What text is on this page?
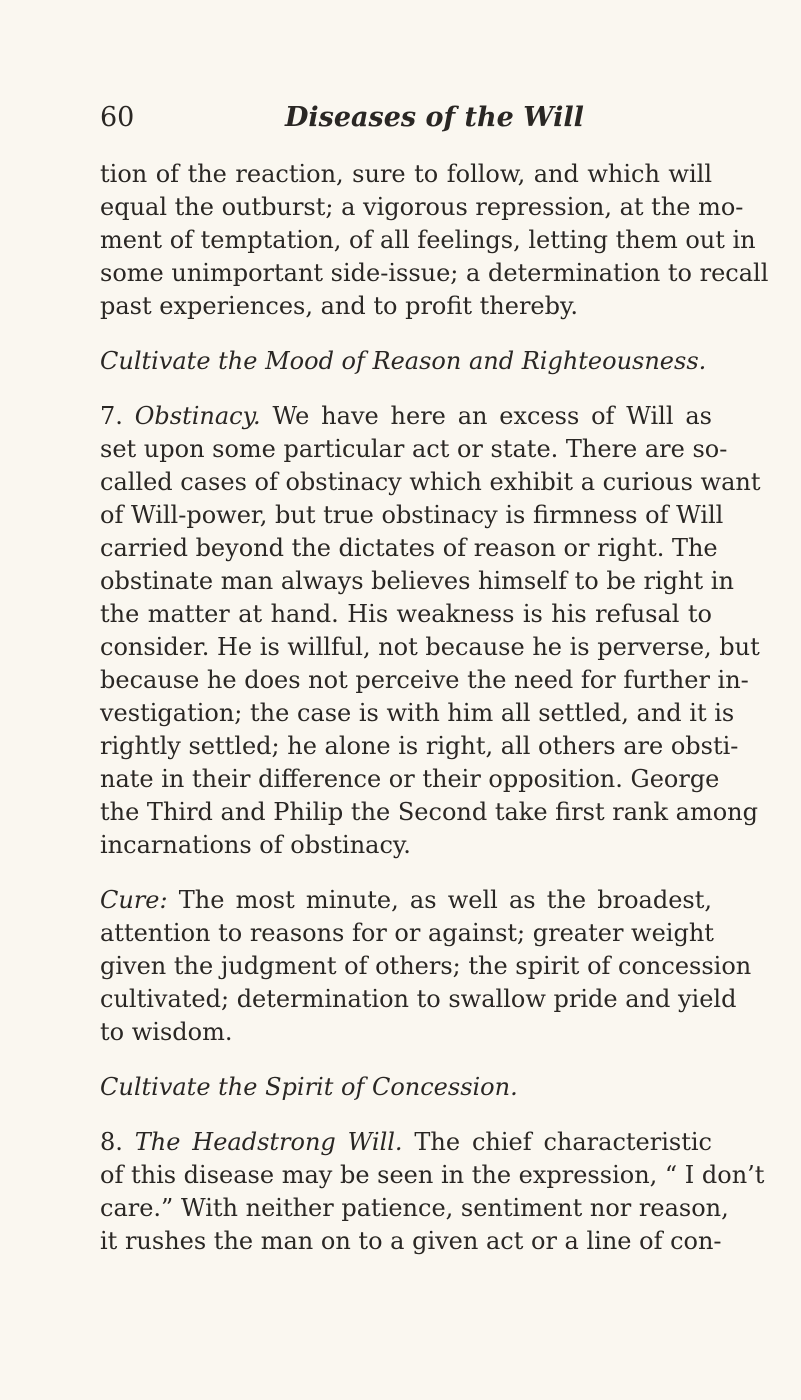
60	Diseases of the Will
tion of the reaction, sure to follow, and which will
equal the outburst; a vigorous repression, at the mo-
ment of temptation, of all feelings, letting them out in
some unimportant side-issue; a determination to recall
past experiences, and to profit thereby.
Cultivate the Mood of Reason and Righteousness.
7. Obstinacy. We have here an excess of Will as
set upon some particular act or state. There are so-
called cases of obstinacy which exhibit a curious want
of Will-power, but true obstinacy is firmness of Will
carried beyond the dictates of reason or right. The
obstinate man always believes himself to be right in
the matter at hand. His weakness is his refusal to
consider. He is willful, not because he is perverse, but
because he does not perceive the need for further in-
vestigation; the case is with him all settled, and it is
rightly settled; he alone is right, all others are obsti-
nate in their difference or their opposition. George
the Third and Philip the Second take first rank among
incarnations of obstinacy.
Cure: The most minute, as well as the broadest,
attention to reasons for or against; greater weight
given the judgment of others; the spirit of concession
cultivated; determination to swallow pride and yield
to wisdom.
Cultivate the Spirit of Concession.
8. The Headstrong Will. The chief characteristic
of this disease may be seen in the expression, “ I don’t
care.” With neither patience, sentiment nor reason,
it rushes the man on to a given act or a line of con-
